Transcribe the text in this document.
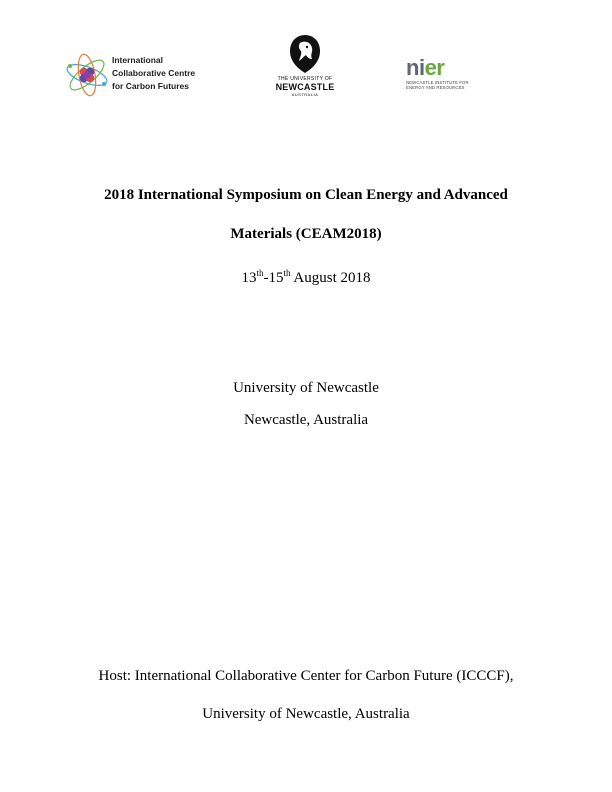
International
Collaborative Centre
for Carbon Futures
THE UNIVERSITY OF
NEWCASTLE
AUSTRALIA
nier
NEWCASTLE INSTITUTE FOR
ENERGY AND RESOURCES
2018 International Symposium on Clean Energy and Advanced
Materials (CEAM2018)
13th-15th August 2018
University of Newcastle
Newcastle, Australia
Host: International Collaborative Center for Carbon Future (ICCCF),
University of Newcastle, Australia
